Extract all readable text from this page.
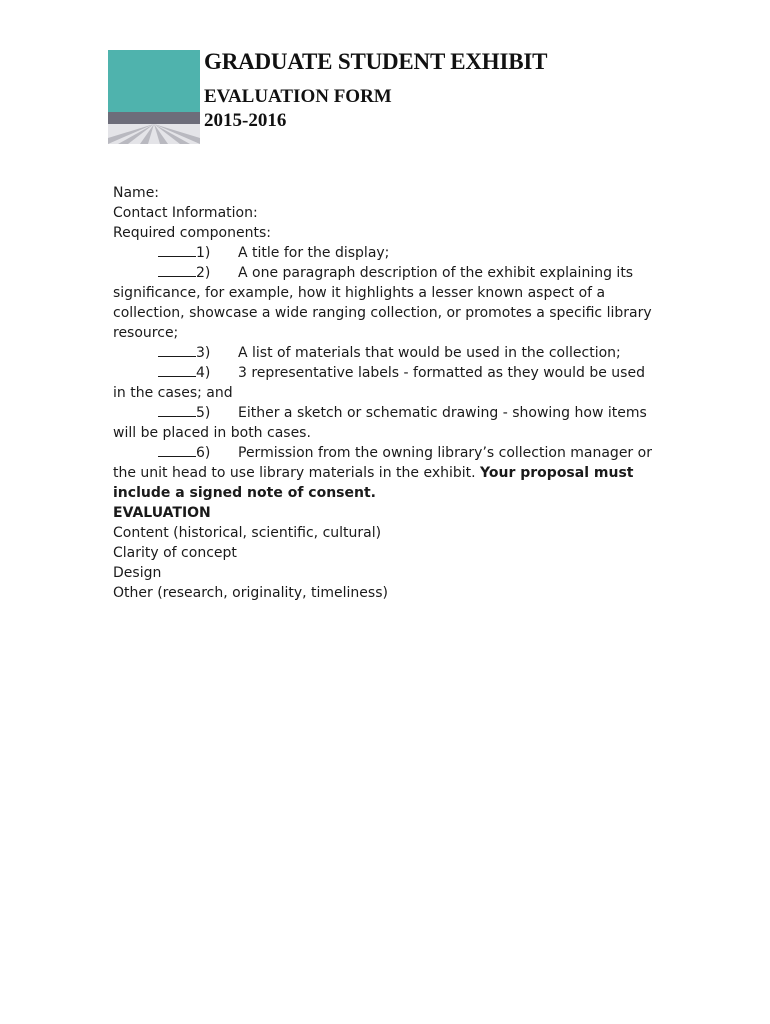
GRADUATE STUDENT EXHIBIT
EVALUATION FORM
2015-2016

Name:

Contact Information:

Required components:

1) A title for the display;

2) A one paragraph description of the exhibit explaining its significance, for example, how it highlights a lesser known aspect of a collection, showcase a wide ranging collection, or promotes a specific library resource;

3) A list of materials that would be used in the collection;

4) 3 representative labels - formatted as they would be used in the cases; and

5) Either a sketch or schematic drawing - showing how items will be placed in both cases.

6) Permission from the owning library’s collection manager or the unit head to use library materials in the exhibit. Your proposal must include a signed note of consent.

EVALUATION

Content (historical, scientific, cultural)

Clarity of concept

Design

Other (research, originality, timeliness)
